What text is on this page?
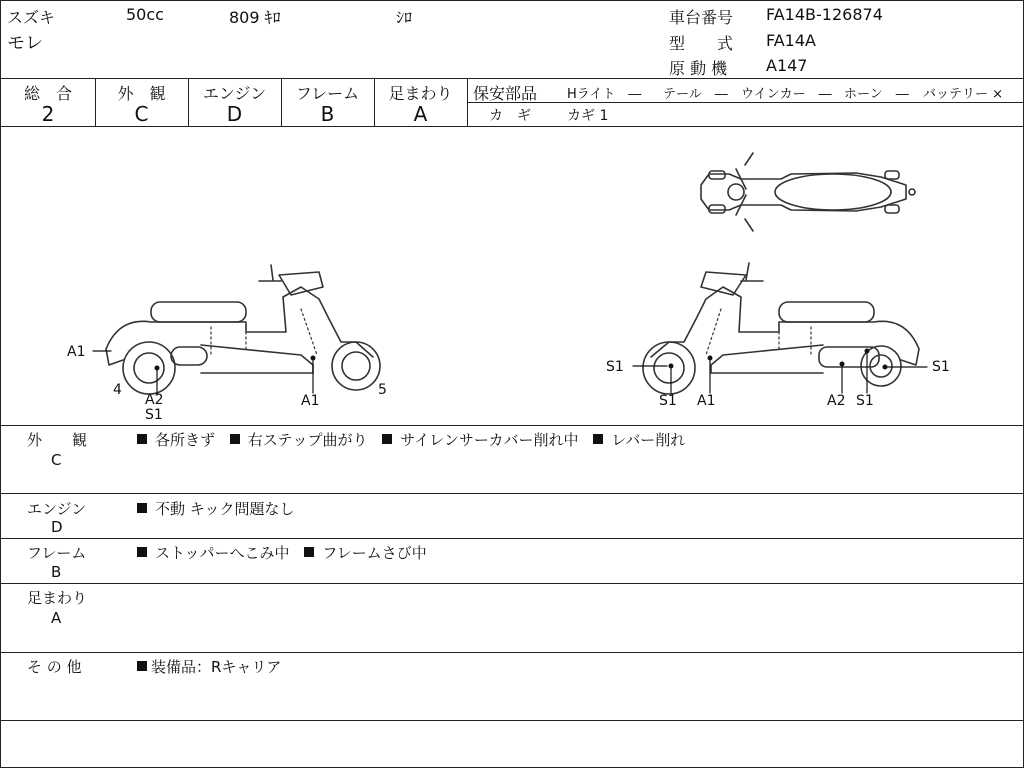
スズキ	50cc	809 ｷﾛ	ｼﾛ
モレ
車台番号 FA14B-126874
型　　式 FA14A
原 動 機 A147
総　合
2
外　観
C
エンジン
D
フレーム
B
足まわり
A
保安部品 Hライト　― テール　― ウインカー　― ホーン　― バッテリー ×
カ　ギ	カギ 1
A1
4
A2
S1
A1
5
S1
S1 A1	A2 S1
S1
外　　観
C
各所きず 右ステップ曲がり サイレンサーカバー削れ中 レバー削れ
エンジン
D
不動 キック問題なし
フレーム
B
ストッパーへこみ中 フレームさび中
足まわり
A
そ の 他	装備品：Rキャリア
